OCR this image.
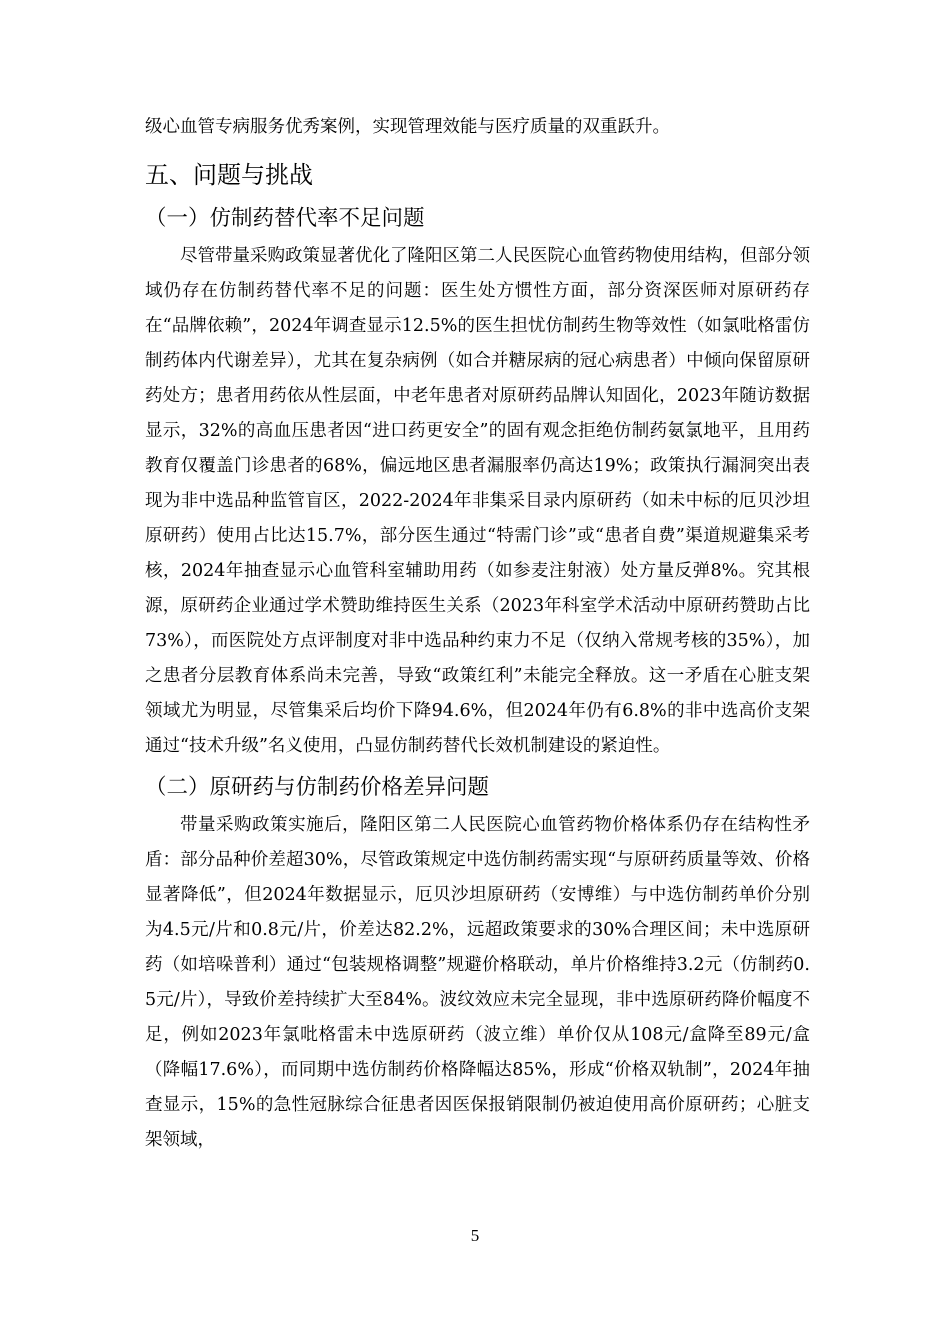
级心血管专病服务优秀案例，实现管理效能与医疗质量的双重跃升。

五、问题与挑战
（一）仿制药替代率不足问题

尽管带量采购政策显著优化了隆阳区第二人民医院心血管药物使用结构，但部分领域仍存在仿制药替代率不足的问题：医生处方惯性方面，部分资深医师对原研药存在“品牌依赖”，2024年调查显示12.5%的医生担忧仿制药生物等效性（如氯吡格雷仿制药体内代谢差异），尤其在复杂病例（如合并糖尿病的冠心病患者）中倾向保留原研药处方；患者用药依从性层面，中老年患者对原研药品牌认知固化，2023年随访数据显示，32%的高血压患者因“进口药更安全”的固有观念拒绝仿制药氨氯地平，且用药教育仅覆盖门诊患者的68%，偏远地区患者漏服率仍高达19%；政策执行漏洞突出表现为非中选品种监管盲区，2022-2024年非集采目录内原研药（如未中标的厄贝沙坦原研药）使用占比达15.7%，部分医生通过“特需门诊”或“患者自费”渠道规避集采考核，2024年抽查显示心血管科室辅助用药（如参麦注射液）处方量反弹8%。究其根源，原研药企业通过学术赞助维持医生关系（2023年科室学术活动中原研药赞助占比73%），而医院处方点评制度对非中选品种约束力不足（仅纳入常规考核的35%），加之患者分层教育体系尚未完善，导致“政策红利”未能完全释放。这一矛盾在心脏支架领域尤为明显，尽管集采后均价下降94.6%，但2024年仍有6.8%的非中选高价支架通过“技术升级”名义使用，凸显仿制药替代长效机制建设的紧迫性。

（二）原研药与仿制药价格差异问题

带量采购政策实施后，隆阳区第二人民医院心血管药物价格体系仍存在结构性矛盾：部分品种价差超30%，尽管政策规定中选仿制药需实现“与原研药质量等效、价格显著降低”，但2024年数据显示，厄贝沙坦原研药（安博维）与中选仿制药单价分别为4.5元/片和0.8元/片，价差达82.2%，远超政策要求的30%合理区间；未中选原研药（如培哚普利）通过“包装规格调整”规避价格联动，单片价格维持3.2元（仿制药0.5元/片），导致价差持续扩大至84%。波纹效应未完全显现，非中选原研药降价幅度不足，例如2023年氯吡格雷未中选原研药（波立维）单价仅从108元/盒降至89元/盒（降幅17.6%），而同期中选仿制药价格降幅达85%，形成“价格双轨制”，2024年抽查显示，15%的急性冠脉综合征患者因医保报销限制仍被迫使用高价原研药；心脏支架领域，

5
